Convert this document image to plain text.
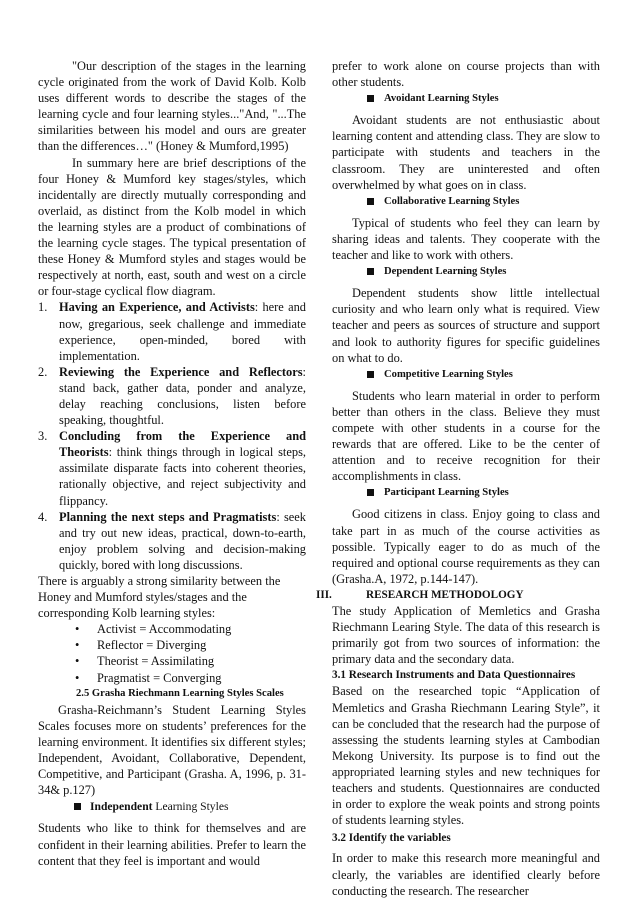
"Our description of the stages in the learning cycle originated from the work of David Kolb. Kolb uses different words to describe the stages of the learning cycle and four learning styles..."And, "...The similarities between his model and ours are greater than the differences…" (Honey & Mumford,1995)

In summary here are brief descriptions of the four Honey & Mumford key stages/styles, which incidentally are directly mutually corresponding and overlaid, as distinct from the Kolb model in which the learning styles are a product of combinations of the learning cycle stages. The typical presentation of these Honey & Mumford styles and stages would be respectively at north, east, south and west on a circle or four-stage cyclical flow diagram.

1. Having an Experience, and Activists: here and now, gregarious, seek challenge and immediate experience, open-minded, bored with implementation.
2. Reviewing the Experience and Reflectors: stand back, gather data, ponder and analyze, delay reaching conclusions, listen before speaking, thoughtful.
3. Concluding from the Experience and Theorists: think things through in logical steps, assimilate disparate facts into coherent theories, rationally objective, and reject subjectivity and flippancy.
4. Planning the next steps and Pragmatists: seek and try out new ideas, practical, down-to-earth, enjoy problem solving and decision-making quickly, bored with long discussions.

There is arguably a strong similarity between the Honey and Mumford styles/stages and the corresponding Kolb learning styles:

• Activist = Accommodating
• Reflector = Diverging
• Theorist = Assimilating
• Pragmatist = Converging

2.5 Grasha Riechmann Learning Styles Scales

Grasha-Reichmann’s Student Learning Styles Scales focuses more on students’ preferences for the learning environment. It identifies six different styles; Independent, Avoidant, Collaborative, Dependent, Competitive, and Participant (Grasha. A, 1996, p. 31-34& p.127)

Independent Learning Styles

Students who like to think for themselves and are confident in their learning abilities. Prefer to learn the content that they feel is important and would

prefer to work alone on course projects than with other students.

Avoidant Learning Styles

Avoidant students are not enthusiastic about learning content and attending class. They are slow to participate with students and teachers in the classroom. They are uninterested and often overwhelmed by what goes on in class.

Collaborative Learning Styles

Typical of students who feel they can learn by sharing ideas and talents. They cooperate with the teacher and like to work with others.

Dependent Learning Styles

Dependent students show little intellectual curiosity and who learn only what is required. View teacher and peers as sources of structure and support and look to authority figures for specific guidelines on what to do.

Competitive Learning Styles

Students who learn material in order to perform better than others in the class. Believe they must compete with other students in a course for the rewards that are offered. Like to be the center of attention and to receive recognition for their accomplishments in class.

Participant Learning Styles

Good citizens in class. Enjoy going to class and take part in as much of the course activities as possible. Typically eager to do as much of the required and optional course requirements as they can (Grasha.A, 1972, p.144-147).

III.	RESEARCH METHODOLOGY

The study Application of Memletics and Grasha Riechmann Learing Style. The data of this research is primarily got from two sources of information: the primary data and the secondary data.

3.1 Research Instruments and Data Questionnaires

Based on the researched topic “Application of Memletics and Grasha Riechmann Learing Style”, it can be concluded that the research had the purpose of assessing the students learning styles at Cambodian Mekong University. Its purpose is to find out the appropriated learning styles and new techniques for teachers and students. Questionnaires are conducted in order to explore the weak points and strong points of students learning styles.

3.2 Identify the variables

In order to make this research more meaningful and clearly, the variables are identified clearly before conducting the research. The researcher
